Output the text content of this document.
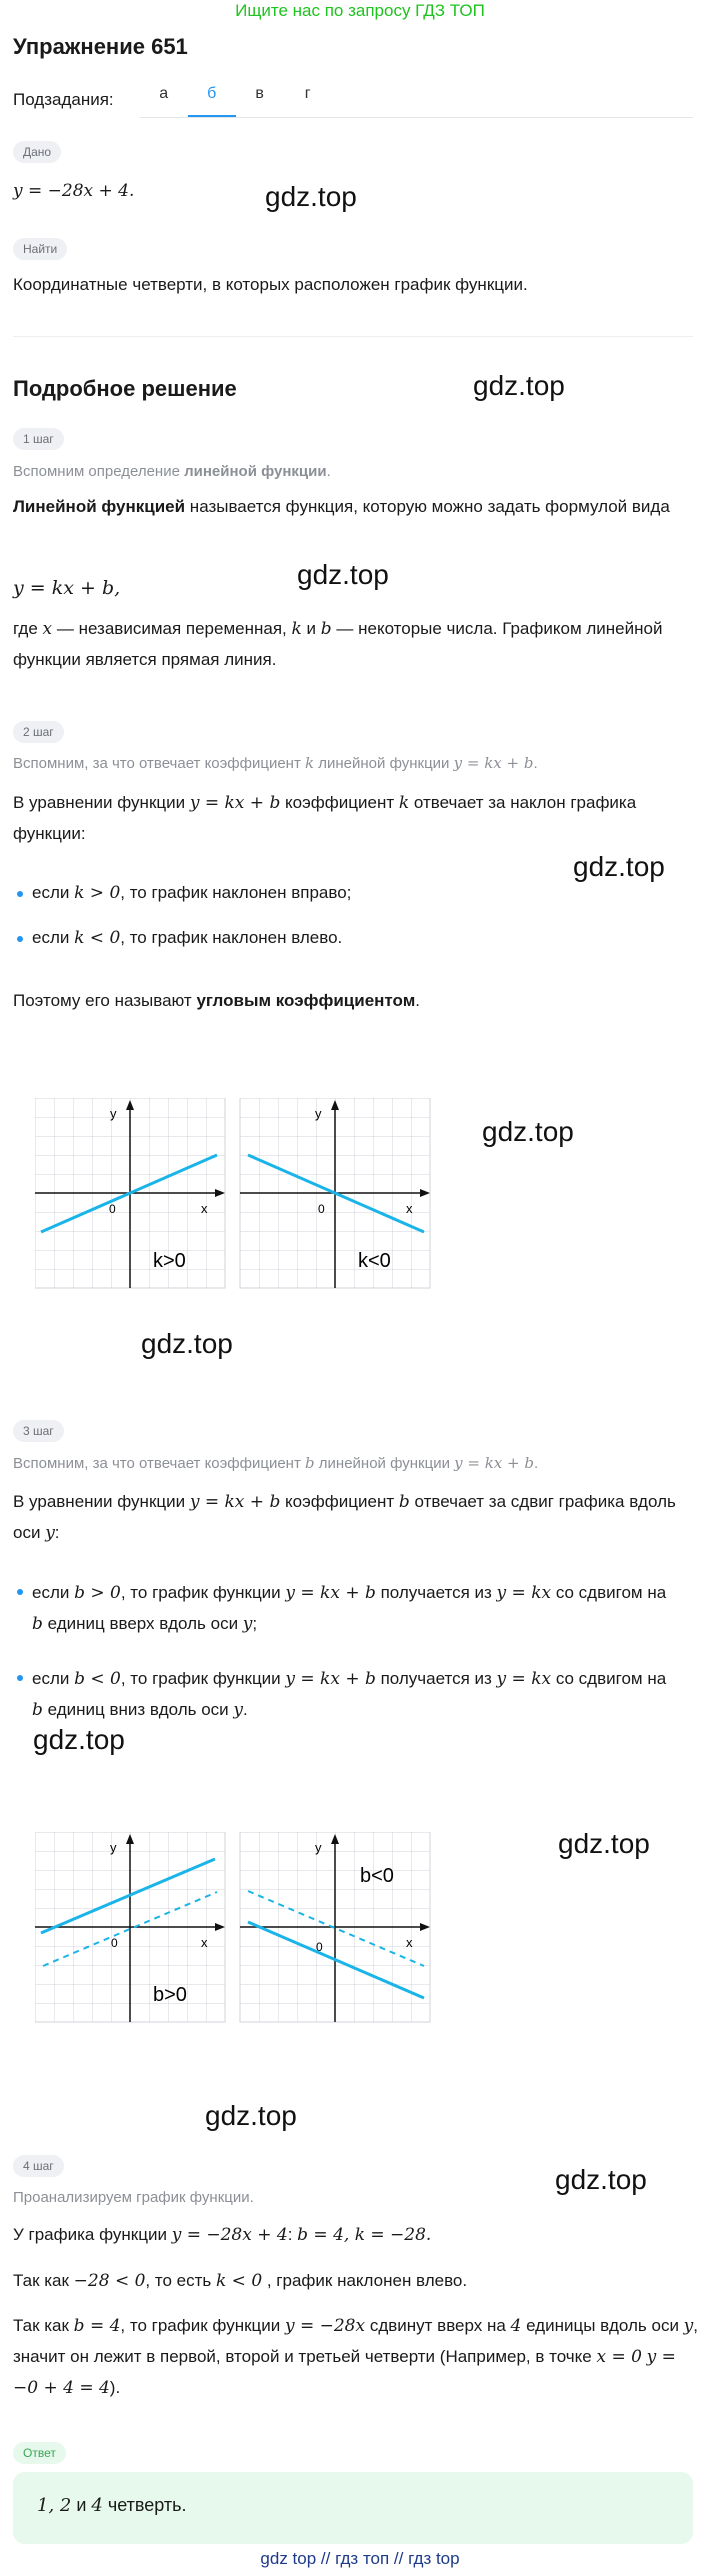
Ищите нас по запросу ГДЗ ТОП
Упражнение 651
Подзадания:	а	б	в	г
Дано
y = −28x + 4.	gdz.top
Найти
Координатные четверти, в которых расположен график функции.
Подробное решение	gdz.top
1 шаг
Вспомним определение линейной функции.
Линейной функцией называется функция, которую можно задать формулой вида
y = kx + b,	gdz.top
где x — независимая переменная, k и b — некоторые числа. Графиком линейной функции является прямая линия.
2 шаг
Вспомним, за что отвечает коэффициент k линейной функции y = kx + b.
В уравнении функции y = kx + b коэффициент k отвечает за наклон графика функции:
gdz.top
если k > 0, то график наклонен вправо;
если k < 0, то график наклонен влево.
Поэтому его называют угловым коэффициентом.
0	x
y
k>0
0	x
y
k<0
gdz.top
gdz.top
3 шаг
Вспомним, за что отвечает коэффициент b линейной функции y = kx + b.
В уравнении функции y = kx + b коэффициент b отвечает за сдвиг графика вдоль оси y:
если b > 0, то график функции y = kx + b получается из y = kx со сдвигом на b единиц вверх вдоль оси y;
если b < 0, то график функции y = kx + b получается из y = kx со сдвигом на b единиц вниз вдоль оси y.
gdz.top
0	x
y
b>0
0	x
y
b<0
gdz.top
gdz.top
4 шаг	gdz.top
Проанализируем график функции.
У графика функции y = −28x + 4: b = 4, k = −28.
Так как −28 < 0, то есть k < 0 , график наклонен влево.
Так как b = 4, то график функции y = −28x сдвинут вверх на 4 единицы вдоль оси y, значит он лежит в первой, второй и третьей четверти (Например, в точке x = 0 y = −0 + 4 = 4).
Ответ
1, 2 и 4 четверть.
gdz top // гдз топ // гдз top
